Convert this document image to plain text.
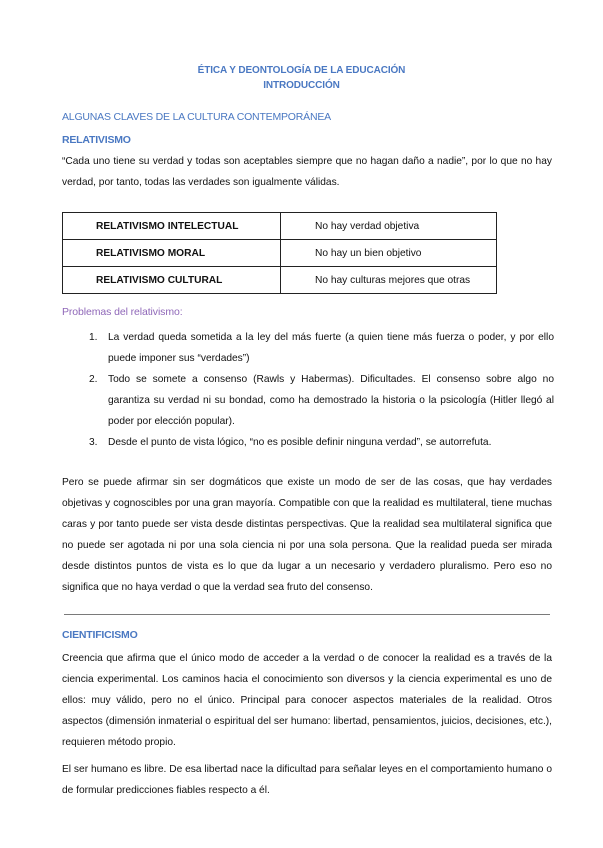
ÉTICA Y DEONTOLOGÍA DE LA EDUCACIÓN
INTRODUCCIÓN
ALGUNAS CLAVES DE LA CULTURA CONTEMPORÁNEA
RELATIVISMO
“Cada uno tiene su verdad y todas son aceptables siempre que no hagan daño a nadie”, por lo que no hay verdad, por tanto, todas las verdades son igualmente válidas.
RELATIVISMO INTELECTUAL	No hay verdad objetiva
RELATIVISMO MORAL	No hay un bien objetivo
RELATIVISMO CULTURAL	No hay culturas mejores que otras
Problemas del relativismo:
1. La verdad queda sometida a la ley del más fuerte (a quien tiene más fuerza o poder, y por ello puede imponer sus “verdades”)
2. Todo se somete a consenso (Rawls y Habermas). Dificultades. El consenso sobre algo no garantiza su verdad ni su bondad, como ha demostrado la historia o la psicología (Hitler llegó al poder por elección popular).
3. Desde el punto de vista lógico, “no es posible definir ninguna verdad”, se autorrefuta.
Pero se puede afirmar sin ser dogmáticos que existe un modo de ser de las cosas, que hay verdades objetivas y cognoscibles por una gran mayoría. Compatible con que la realidad es multilateral, tiene muchas caras y por tanto puede ser vista desde distintas perspectivas. Que la realidad sea multilateral significa que no puede ser agotada ni por una sola ciencia ni por una sola persona. Que la realidad pueda ser mirada desde distintos puntos de vista es lo que da lugar a un necesario y verdadero pluralismo. Pero eso no significa que no haya verdad o que la verdad sea fruto del consenso.
CIENTIFICISMO
Creencia que afirma que el único modo de acceder a la verdad o de conocer la realidad es a través de la ciencia experimental. Los caminos hacia el conocimiento son diversos y la ciencia experimental es uno de ellos: muy válido, pero no el único. Principal para conocer aspectos materiales de la realidad. Otros aspectos (dimensión inmaterial o espiritual del ser humano: libertad, pensamientos, juicios, decisiones, etc.), requieren método propio.
El ser humano es libre. De esa libertad nace la dificultad para señalar leyes en el comportamiento humano o de formular predicciones fiables respecto a él.
